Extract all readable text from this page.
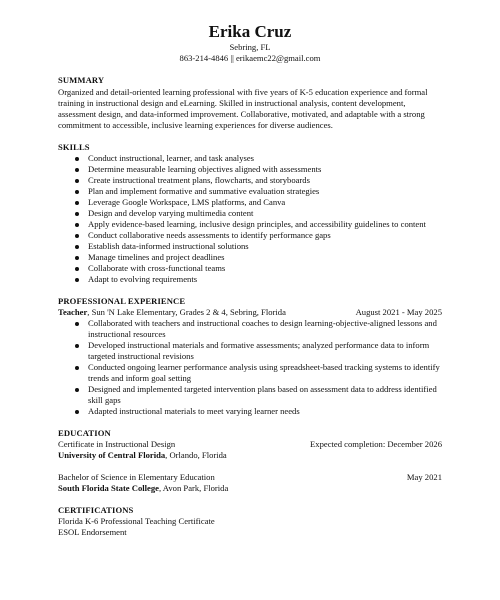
Erika Cruz
Sebring, FL
863-214-4846 || erikaemc22@gmail.com
SUMMARY
Organized and detail-oriented learning professional with five years of K-5 education experience and formal training in instructional design and eLearning. Skilled in instructional analysis, content development, assessment design, and data-informed improvement. Collaborative, motivated, and adaptable with a strong commitment to accessible, inclusive learning experiences for diverse audiences.
SKILLS
Conduct instructional, learner, and task analyses
Determine measurable learning objectives aligned with assessments
Create instructional treatment plans, flowcharts, and storyboards
Plan and implement formative and summative evaluation strategies
Leverage Google Workspace, LMS platforms, and Canva
Design and develop varying multimedia content
Apply evidence-based learning, inclusive design principles, and accessibility guidelines to content
Conduct collaborative needs assessments to identify performance gaps
Establish data-informed instructional solutions
Manage timelines and project deadlines
Collaborate with cross-functional teams
Adapt to evolving requirements
PROFESSIONAL EXPERIENCE
Teacher, Sun 'N Lake Elementary, Grades 2 & 4, Sebring, Florida	August 2021 - May 2025
Collaborated with teachers and instructional coaches to design learning-objective-aligned lessons and instructional resources
Developed instructional materials and formative assessments; analyzed performance data to inform targeted instructional revisions
Conducted ongoing learner performance analysis using spreadsheet-based tracking systems to identify trends and inform goal setting
Designed and implemented targeted intervention plans based on assessment data to address identified skill gaps
Adapted instructional materials to meet varying learner needs
EDUCATION
Certificate in Instructional Design	Expected completion: December 2026
University of Central Florida, Orlando, Florida
Bachelor of Science in Elementary Education	May 2021
South Florida State College, Avon Park, Florida
CERTIFICATIONS
Florida K-6 Professional Teaching Certificate
ESOL Endorsement
